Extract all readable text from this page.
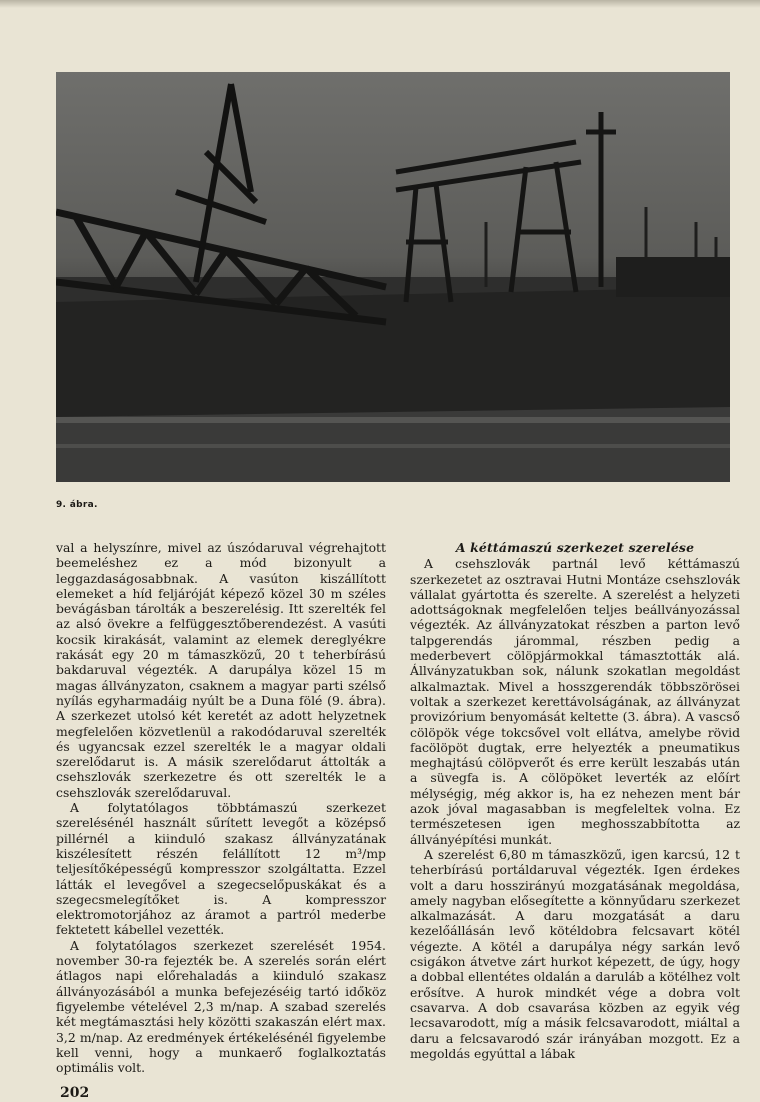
9. ábra.

val a helyszínre, mivel az úszódaruval végrehajtott beemeléshez ez a mód bizonyult a leggazdaságosabbnak. A vasúton kiszállított elemeket a híd feljáróját képező közel 30 m széles bevágásban tárolták a beszerelésig. Itt szerelték fel az alsó övekre a felfüggesztőberendezést. A vasúti kocsik kirakását, valamint az elemek dereglyékre rakását egy 20 m támaszközű, 20 t teherbírású bakdaruval végezték. A darupálya közel 15 m magas állványzaton, csaknem a magyar parti szélső nyílás egyharmadáig nyúlt be a Duna fölé (9. ábra). A szerkezet utolsó két keretét az adott helyzetnek megfelelően közvetlenül a rakodódaruval szerelték és ugyancsak ezzel szerelték le a magyar oldali szerelődarut is. A másik szerelődarut áttolták a csehszlovák szerkezetre és ott szerelték le a csehszlovák szerelődaruval.

A folytatólagos többtámaszú szerkezet szerelésénél használt sűrített levegőt a középső pillérnél a kiinduló szakasz állványzatának kiszélesített részén felállított 12 m³/mp teljesítőképességű kompresszor szolgáltatta. Ezzel látták el levegővel a szegecselőpuskákat és a szegecsmelegítőket is. A kompresszor elektromotorjához az áramot a partról mederbe fektetett kábellel vezették.

A folytatólagos szerkezet szerelését 1954. november 30-ra fejezték be. A szerelés során elért átlagos napi előrehaladás a kiinduló szakasz állványozásából a munka befejezéséig tartó időköz figyelembe vételével 2,3 m/nap. A szabad szerelés két megtámasztási hely közötti szakaszán elért max. 3,2 m/nap. Az eredmények értékelésénél figyelembe kell venni, hogy a munkaerő foglalkoztatás optimális volt.

A kéttámaszú szerkezet szerelése

A csehszlovák partnál levő kéttámaszú szerkezetet az osztravai Hutni Montáze csehszlovák vállalat gyártotta és szerelte. A szerelést a helyzeti adottságoknak megfelelően teljes beállványozással végezték. Az állványzatokat részben a parton levő talpgerendás járommal, részben pedig a mederbevert cölöpjármokkal támasztották alá. Állványzatukban sok, nálunk szokatlan megoldást alkalmaztak. Mivel a hosszgerendák többszörösei voltak a szerkezet kerettávolságának, az állványzat provizórium benyomását keltette (3. ábra). A vascső cölöpök vége tokcsővel volt ellátva, amelybe rövid facölöpöt dugtak, erre helyezték a pneumatikus meghajtású cölöpverőt és erre került leszabás után a süvegfa is. A cölöpöket leverték az előírt mélységig, még akkor is, ha ez nehezen ment bár azok jóval magasabban is megfeleltek volna. Ez természetesen igen meghosszabbította az állványépítési munkát.

A szerelést 6,80 m támaszközű, igen karcsú, 12 t teherbírású portáldaruval végezték. Igen érdekes volt a daru hosszirányú mozgatásának megoldása, amely nagyban elősegítette a könnyűdaru szerkezet alkalmazását. A daru mozgatását a daru kezelőállásán levő kötéldobra felcsavart kötél végezte. A kötél a darupálya négy sarkán levő csigákon átvetve zárt hurkot képezett, de úgy, hogy a dobbal ellentétes oldalán a daruláb a kötélhez volt erősítve. A hurok mindkét vége a dobra volt csavarva. A dob csavarása közben az egyik vég lecsavarodott, míg a másik felcsavarodott, miáltal a daru a felcsavarodó szár irányában mozgott. Ez a megoldás egyúttal a lábak

202
